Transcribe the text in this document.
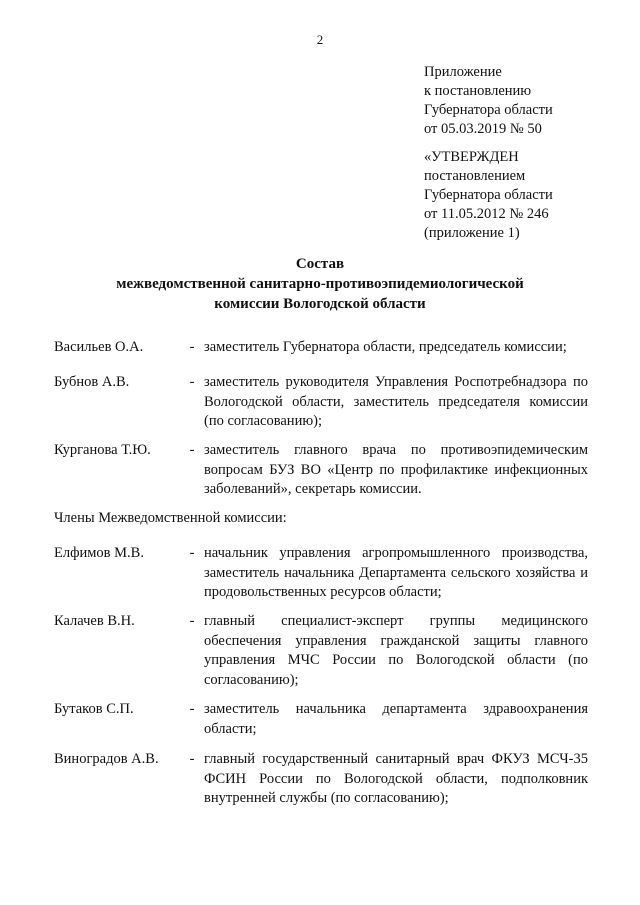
2
Приложение
к постановлению
Губернатора области
от 05.03.2019 № 50
«УТВЕРЖДЕН
постановлением
Губернатора области
от 11.05.2012 № 246
(приложение 1)
Состав
межведомственной санитарно-противоэпидемиологической
комиссии Вологодской области
Васильев О.А.	- заместитель Губернатора области, председатель комиссии;
Бубнов А.В.	- заместитель руководителя Управления Роспотребнадзора по Вологодской области, заместитель председателя комиссии (по согласованию);
Курганова Т.Ю.	- заместитель главного врача по противоэпидемическим вопросам БУЗ ВО «Центр по профилактике инфекционных заболеваний», секретарь комиссии.
Члены Межведомственной комиссии:
Елфимов М.В.	- начальник управления агропромышленного производства, заместитель начальника Департамента сельского хозяйства и продовольственных ресурсов области;
Калачев В.Н.	- главный специалист-эксперт группы медицинского обеспечения управления гражданской защиты главного управления МЧС России по Вологодской области (по согласованию);
Бутаков С.П.	- заместитель начальника департамента здравоохранения области;
Виноградов А.В.	- главный государственный санитарный врач ФКУЗ МСЧ-35 ФСИН России по Вологодской области, подполковник внутренней службы (по согласованию);
